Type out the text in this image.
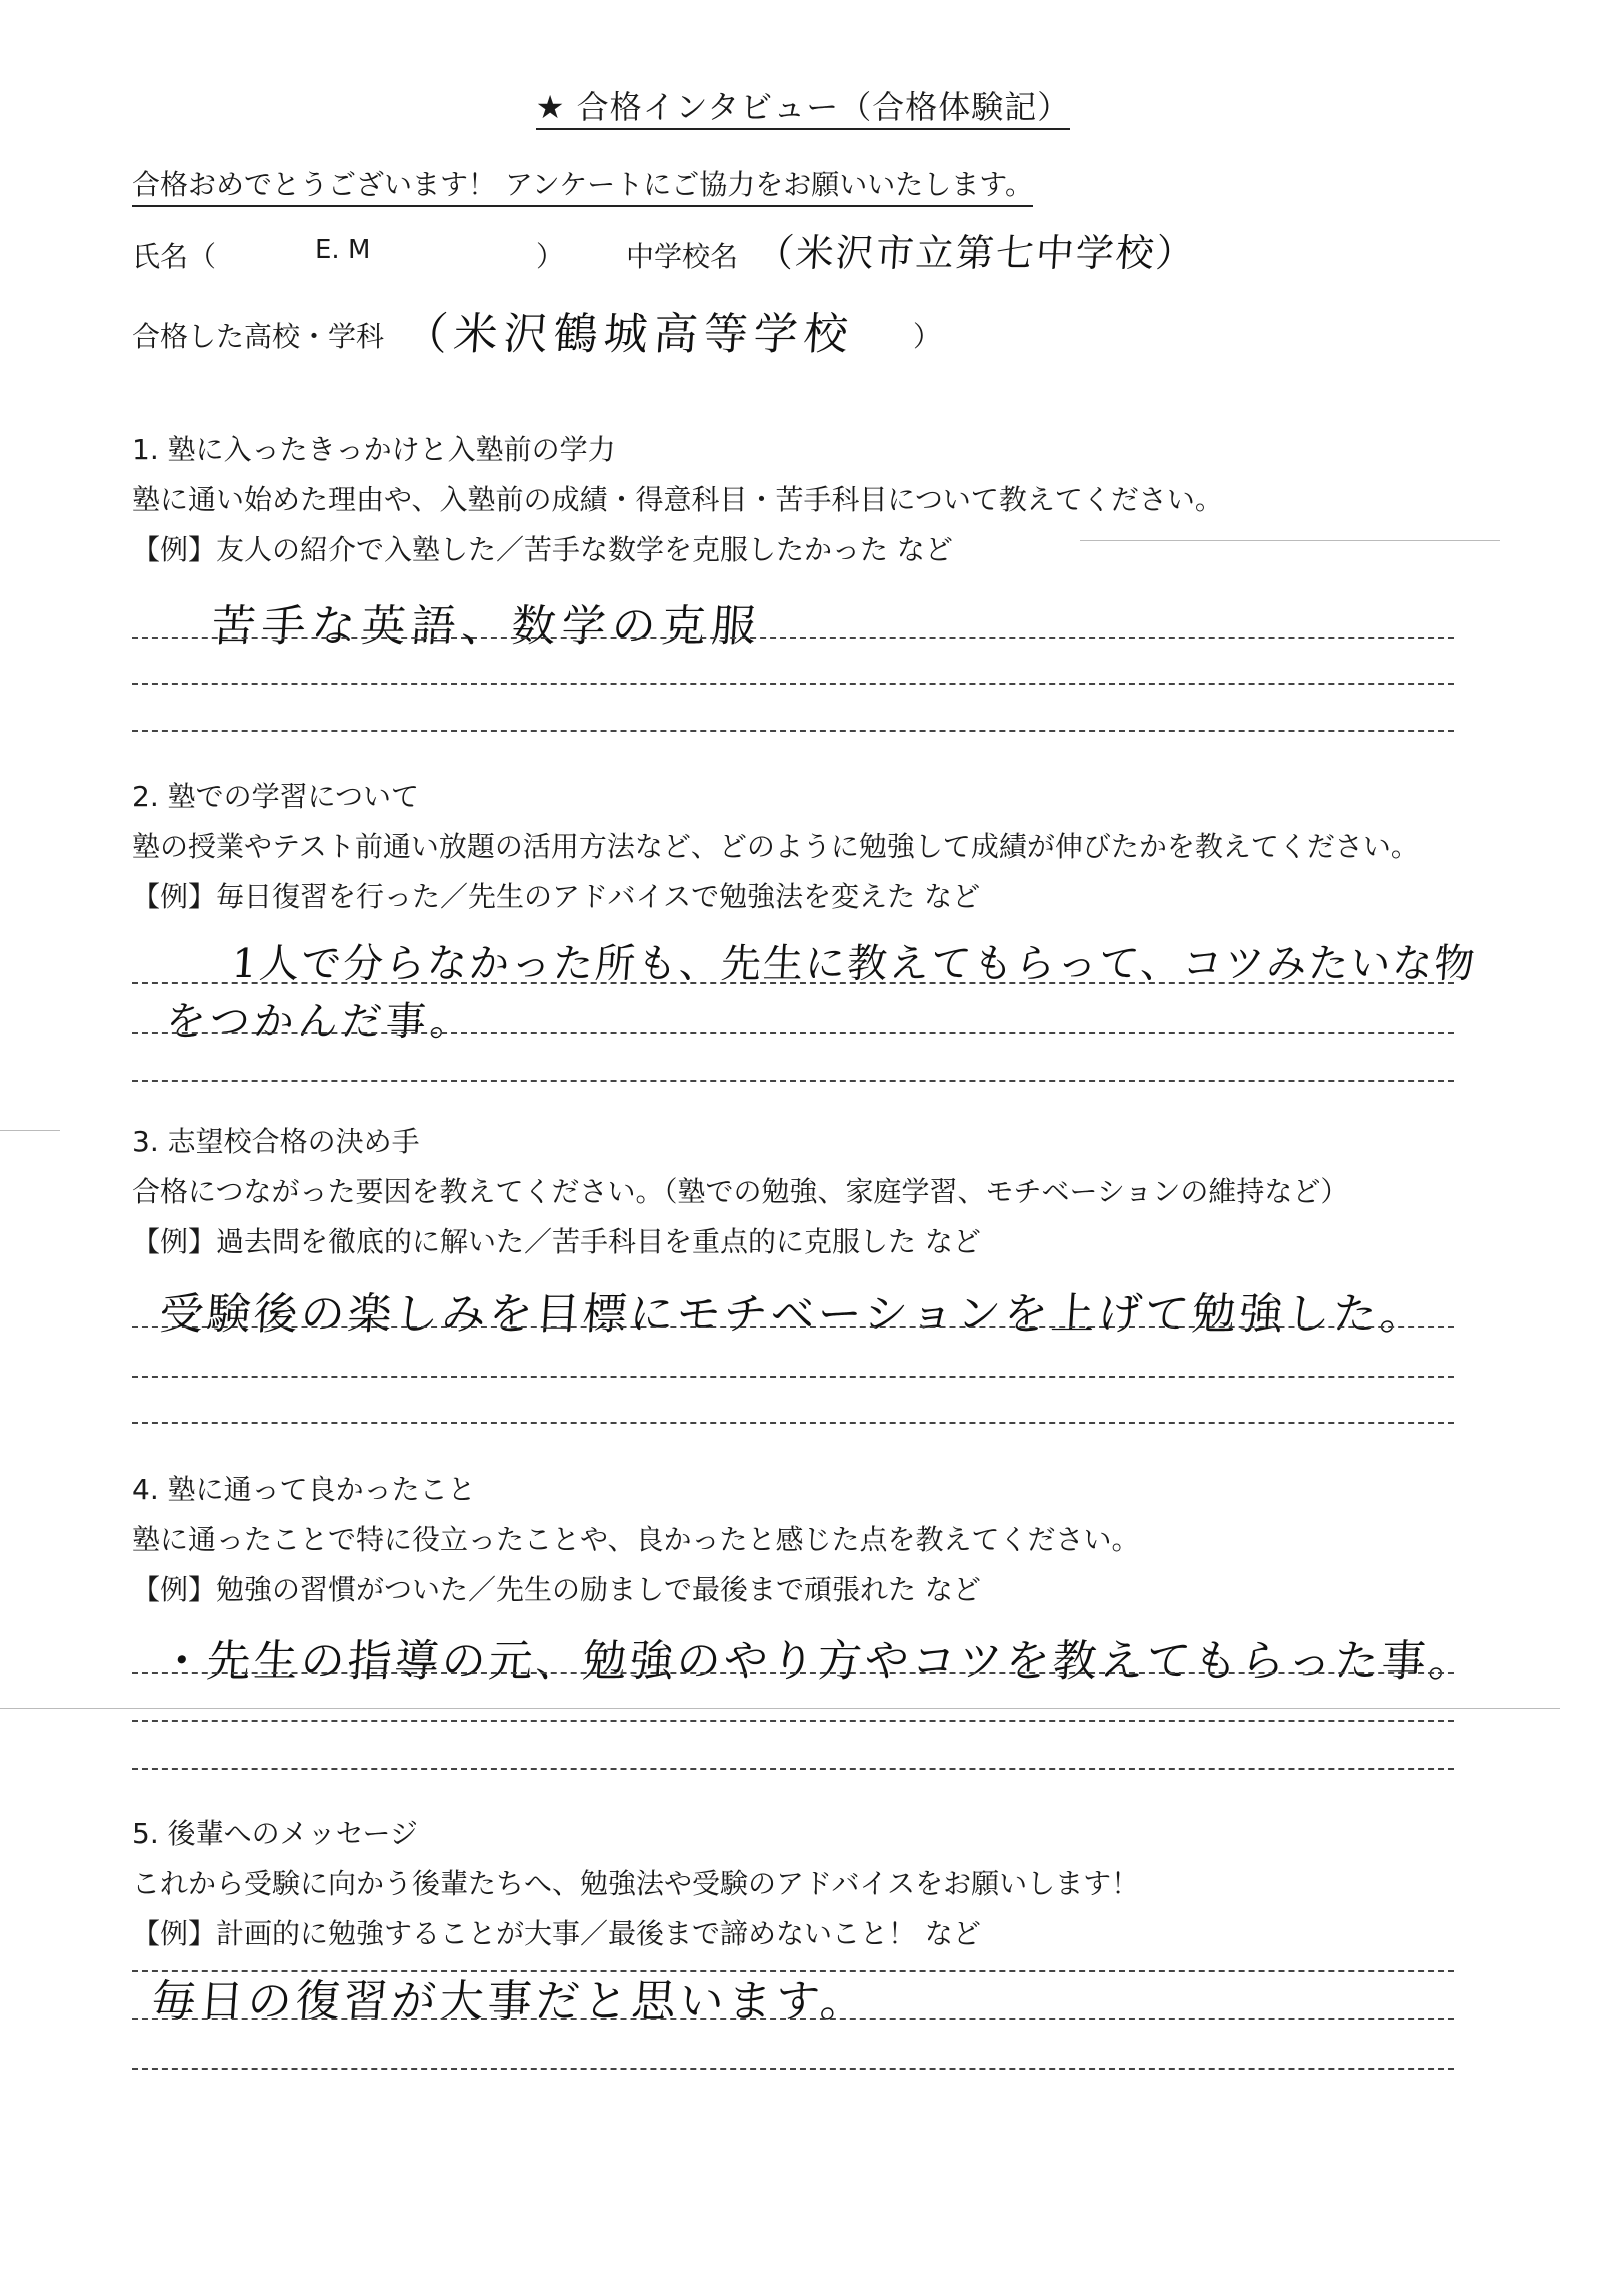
★ 合格インタビュー（合格体験記）
合格おめでとうございます！ アンケートにご協力をお願いいたします。
氏名（	E. M	） 中学校名 （米沢市立第七中学校）
合格した高校・学科 （米沢鶴城高等学校 ）
1. 塾に入ったきっかけと入塾前の学力
塾に通い始めた理由や、入塾前の成績・得意科目・苦手科目について教えてください。
【例】友人の紹介で入塾した／苦手な数学を克服したかった など
苦手な英語、数学の克服
2. 塾での学習について
塾の授業やテスト前通い放題の活用方法など、どのように勉強して成績が伸びたかを教えてください。
【例】毎日復習を行った／先生のアドバイスで勉強法を変えた など
1人で分らなかった所も、先生に教えてもらって、コツみたいな物
をつかんだ事。
3. 志望校合格の決め手
合格につながった要因を教えてください。（塾での勉強、家庭学習、モチベーションの維持など）
【例】過去問を徹底的に解いた／苦手科目を重点的に克服した など
受験後の楽しみを目標にモチベーションを上げて勉強した。
4. 塾に通って良かったこと
塾に通ったことで特に役立ったことや、良かったと感じた点を教えてください。
【例】勉強の習慣がついた／先生の励ましで最後まで頑張れた など
・先生の指導の元、勉強のやり方やコツを教えてもらった事。
5. 後輩へのメッセージ
これから受験に向かう後輩たちへ、勉強法や受験のアドバイスをお願いします！
【例】計画的に勉強することが大事／最後まで諦めないこと！ など
毎日の復習が大事だと思います。
